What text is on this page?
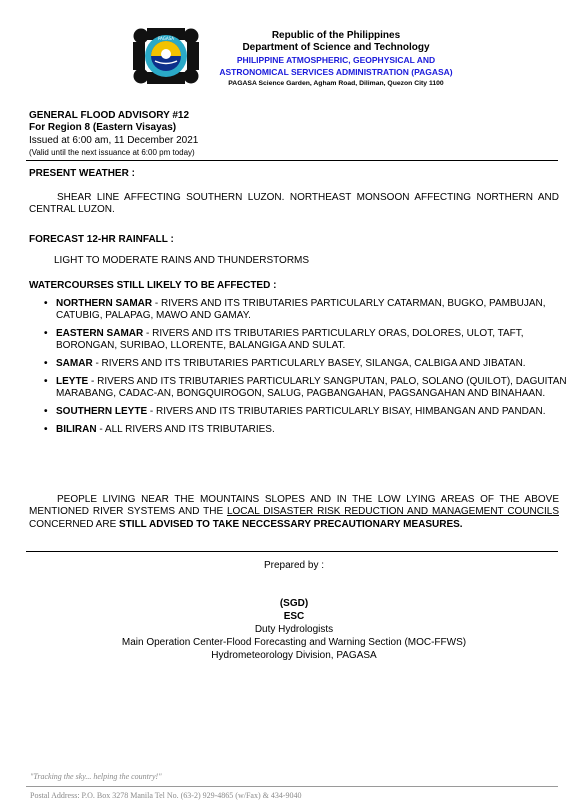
PAGASA	Republic of the Philippines
Department of Science and Technology
PHILIPPINE ATMOSPHERIC, GEOPHYSICAL AND
ASTRONOMICAL SERVICES ADMINISTRATION (PAGASA)
PAGASA Science Garden, Agham Road, Diliman, Quezon City 1100
GENERAL FLOOD ADVISORY #12
For Region 8 (Eastern Visayas)
Issued at 6:00 am, 11 December 2021
(Valid until the next issuance at 6:00 pm today)
PRESENT WEATHER :
SHEAR LINE AFFECTING SOUTHERN LUZON. NORTHEAST MONSOON AFFECTING NORTHERN AND CENTRAL LUZON.
FORECAST 12-HR RAINFALL :
LIGHT TO MODERATE RAINS AND THUNDERSTORMS
WATERCOURSES STILL LIKELY TO BE AFFECTED :
• NORTHERN SAMAR - RIVERS AND ITS TRIBUTARIES PARTICULARLY CATARMAN, BUGKO, PAMBUJAN, CATUBIG, PALAPAG, MAWO AND GAMAY.
• EASTERN SAMAR - RIVERS AND ITS TRIBUTARIES PARTICULARLY ORAS, DOLORES, ULOT, TAFT, BORONGAN, SURIBAO, LLORENTE, BALANGIGA AND SULAT.
• SAMAR - RIVERS AND ITS TRIBUTARIES PARTICULARLY BASEY, SILANGA, CALBIGA AND JIBATAN.
• LEYTE - RIVERS AND ITS TRIBUTARIES PARTICULARLY SANGPUTAN, PALO, SOLANO (QUILOT), DAGUITAN MARABANG, CADAC-AN, BONGQUIROGON, SALUG, PAGBANGAHAN, PAGSANGAHAN AND BINAHAAN.
• SOUTHERN LEYTE - RIVERS AND ITS TRIBUTARIES PARTICULARLY BISAY, HIMBANGAN AND PANDAN.
• BILIRAN - ALL RIVERS AND ITS TRIBUTARIES.
PEOPLE LIVING NEAR THE MOUNTAINS SLOPES AND IN THE LOW LYING AREAS OF THE ABOVE MENTIONED RIVER SYSTEMS AND THE LOCAL DISASTER RISK REDUCTION AND MANAGEMENT COUNCILS CONCERNED ARE STILL ADVISED TO TAKE NECCESSARY PRECAUTIONARY MEASURES.
Prepared by :
(SGD)
ESC
Duty Hydrologists
Main Operation Center-Flood Forecasting and Warning Section (MOC-FFWS)
Hydrometeorology Division, PAGASA
"Tracking the sky... helping the country!"
Postal Address: P.O. Box 3278 Manila Tel No. (63-2) 929-4865 (w/Fax) & 434-9040
